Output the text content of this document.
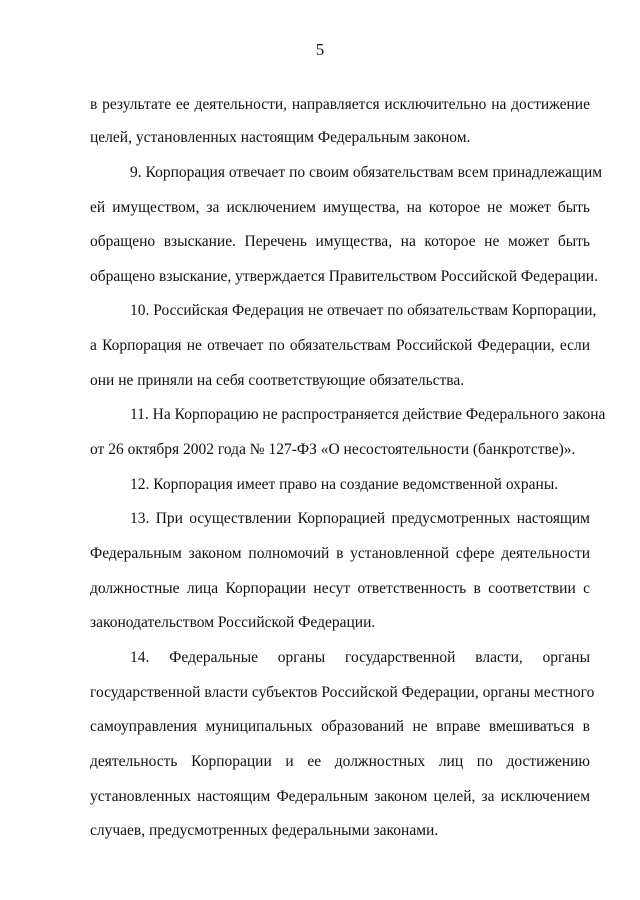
5
в результате ее деятельности, направляется исключительно на достижение
целей, установленных настоящим Федеральным законом.
9. Корпорация отвечает по своим обязательствам всем принадлежащим
ей имуществом, за исключением имущества, на которое не может быть
обращено взыскание. Перечень имущества, на которое не может быть
обращено взыскание, утверждается Правительством Российской Федерации.
10. Российская Федерация не отвечает по обязательствам Корпорации,
а Корпорация не отвечает по обязательствам Российской Федерации, если
они не приняли на себя соответствующие обязательства.
11. На Корпорацию не распространяется действие Федерального закона
от 26 октября 2002 года № 127-ФЗ «О несостоятельности (банкротстве)».
12. Корпорация имеет право на создание ведомственной охраны.
13. При осуществлении Корпорацией предусмотренных настоящим
Федеральным законом полномочий в установленной сфере деятельности
должностные лица Корпорации несут ответственность в соответствии с
законодательством Российской Федерации.
14. Федеральные органы государственной власти, органы
государственной власти субъектов Российской Федерации, органы местного
самоуправления муниципальных образований не вправе вмешиваться в
деятельность Корпорации и ее должностных лиц по достижению
установленных настоящим Федеральным законом целей, за исключением
случаев, предусмотренных федеральными законами.
